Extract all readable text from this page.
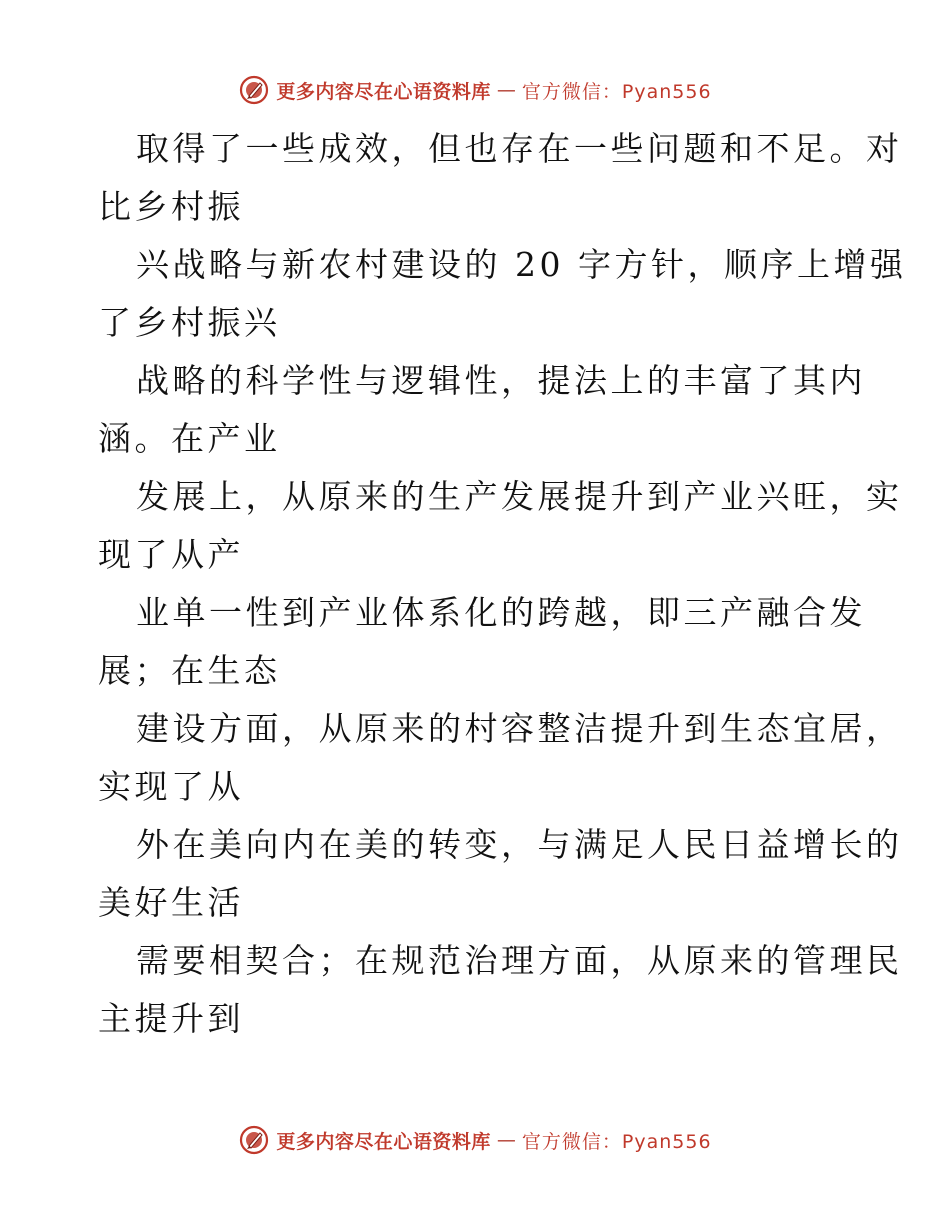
更多内容尽在心语资料库 — 官方微信：Pyan556

取得了一些成效，但也存在一些问题和不足。对
比乡村振

兴战略与新农村建设的 20 字方针，顺序上增强
了乡村振兴

战略的科学性与逻辑性，提法上的丰富了其内
涵。在产业

发展上，从原来的生产发展提升到产业兴旺，实
现了从产

业单一性到产业体系化的跨越，即三产融合发
展；在生态

建设方面，从原来的村容整洁提升到生态宜居，
实现了从

外在美向内在美的转变，与满足人民日益增长的
美好生活

需要相契合；在规范治理方面，从原来的管理民
主提升到

更多内容尽在心语资料库 — 官方微信：Pyan556
